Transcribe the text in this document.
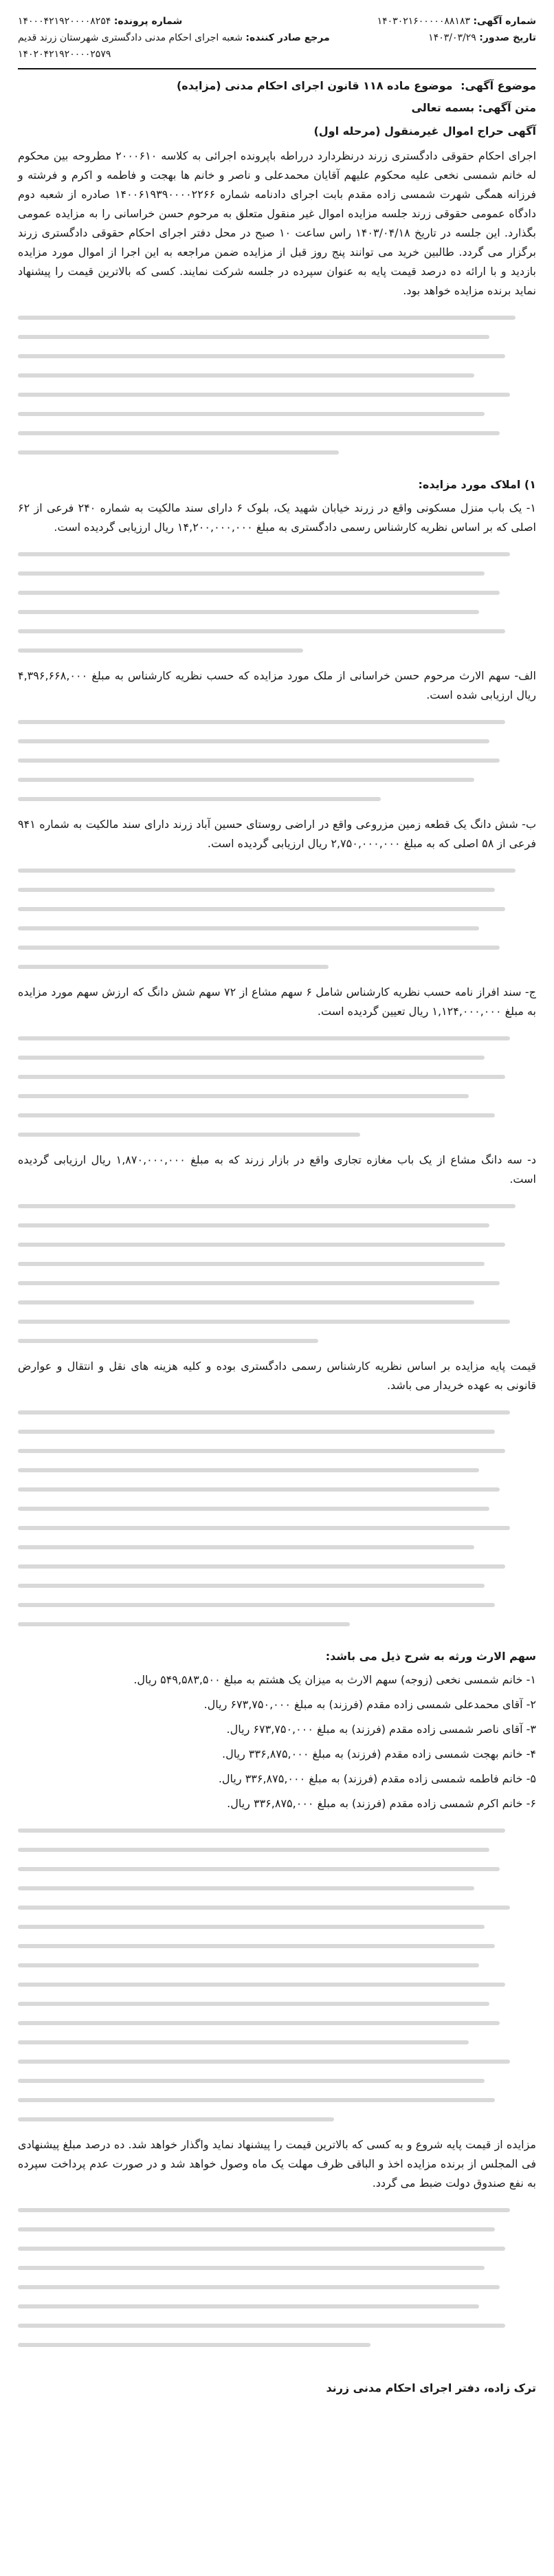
شماره آگهی: ۱۴۰۳۰۲۱۶۰۰۰۰۰۸۸۱۸۳
تاریخ صدور: ۱۴۰۳/۰۳/۲۹
شماره پرونده: ۱۴۰۰۰۴۲۱۹۲۰۰۰۰۸۲۵۴
مرجع صادر کننده: شعبه اجرای احکام مدنی دادگستری شهرستان زرند قدیم
۱۴۰۲۰۴۲۱۹۲۰۰۰۰۲۵۷۹
موضوع آگهی: موضوع ماده ۱۱۸ قانون اجرای احکام مدنی (مزایده)
متن آگهی: بسمه تعالی
آگهی حراج اموال غیرمنقول (مرحله اول)

اجرای احکام حقوقی دادگستری زرند درنظردارد درراطه باپرونده اجرائی به کلاسه ۲۰۰۰۶۱۰ مطروحه بین محکوم له خانم شمسی نخعی علیه محکوم علیهم آقایان محمدعلی و ناصر و خانم ها بهجت و فاطمه و اکرم و فرشته و فرزانه همگی شهرت شمسی زاده مقدم بابت اجرای دادنامه شماره ۱۴۰۰۶۱۹۳۹۰۰۰۰۲۲۶۶ صادره از شعبه دوم دادگاه عمومی حقوقی زرند جلسه مزایده اموال غیر منقول متعلق به مرحوم حسن خراسانی را به مزایده عمومی بگذارد. این جلسه در تاریخ ۱۴۰۳/۰۴/۱۸ راس ساعت ۱۰ صبح در محل دفتر اجرای احکام حقوقی دادگستری زرند برگزار می گردد. طالبین خرید می توانند پنج روز قبل از مزایده ضمن مراجعه به این اجرا از اموال مورد مزایده بازدید و با ارائه ده درصد قیمت پایه به عنوان سپرده در جلسه شرکت نمایند. کسی که بالاترین قیمت را پیشنهاد نماید برنده مزایده خواهد بود.

۱) املاک مورد مزایده:

۱- یک باب منزل مسکونی واقع در زرند خیابان شهید یک، بلوک ۶ دارای سند مالکیت به شماره ۲۴۰ فرعی از ۶۲ اصلی که بر اساس نظریه کارشناس رسمی دادگستری به مبلغ ۱۴,۲۰۰,۰۰۰,۰۰۰ ریال ارزیابی گردیده است.

الف- سهم الارث مرحوم حسن خراسانی از ملک مورد مزایده که حسب نظریه کارشناس به مبلغ ۴,۳۹۶,۶۶۸,۰۰۰ ریال ارزیابی شده است.

ب- شش دانگ یک قطعه زمین مزروعی واقع در اراضی روستای حسین آباد زرند دارای سند مالکیت به شماره ۹۴۱ فرعی از ۵۸ اصلی که به مبلغ ۲,۷۵۰,۰۰۰,۰۰۰ ریال ارزیابی گردیده است.

ج- سند افراز نامه حسب نظریه کارشناس شامل ۶ سهم مشاع از ۷۲ سهم شش دانگ که ارزش سهم مورد مزایده به مبلغ ۱,۱۲۴,۰۰۰,۰۰۰ ریال تعیین گردیده است.

د- سه دانگ مشاع از یک باب مغازه تجاری واقع در بازار زرند که به مبلغ ۱,۸۷۰,۰۰۰,۰۰۰ ریال ارزیابی گردیده است.

قیمت پایه مزایده بر اساس نظریه کارشناس رسمی دادگستری بوده و کلیه هزینه های نقل و انتقال و عوارض قانونی به عهده خریدار می باشد.

سهم الارث ورثه به شرح ذیل می باشد:

۱- خانم شمسی نخعی (زوجه) سهم الارث به میزان یک هشتم به مبلغ ۵۴۹,۵۸۳,۵۰۰ ریال.

۲- آقای محمدعلی شمسی زاده مقدم (فرزند) به مبلغ ۶۷۳,۷۵۰,۰۰۰ ریال.

۳- آقای ناصر شمسی زاده مقدم (فرزند) به مبلغ ۶۷۳,۷۵۰,۰۰۰ ریال.

۴- خانم بهجت شمسی زاده مقدم (فرزند) به مبلغ ۳۳۶,۸۷۵,۰۰۰ ریال.

۵- خانم فاطمه شمسی زاده مقدم (فرزند) به مبلغ ۳۳۶,۸۷۵,۰۰۰ ریال.

۶- خانم اکرم شمسی زاده مقدم (فرزند) به مبلغ ۳۳۶,۸۷۵,۰۰۰ ریال.

مزایده از قیمت پایه شروع و به کسی که بالاترین قیمت را پیشنهاد نماید واگذار خواهد شد. ده درصد مبلغ پیشنهادی فی المجلس از برنده مزایده اخذ و الباقی ظرف مهلت یک ماه وصول خواهد شد و در صورت عدم پرداخت سپرده به نفع صندوق دولت ضبط می گردد.

ترک زاده، دفتر اجرای احکام مدنی زرند
